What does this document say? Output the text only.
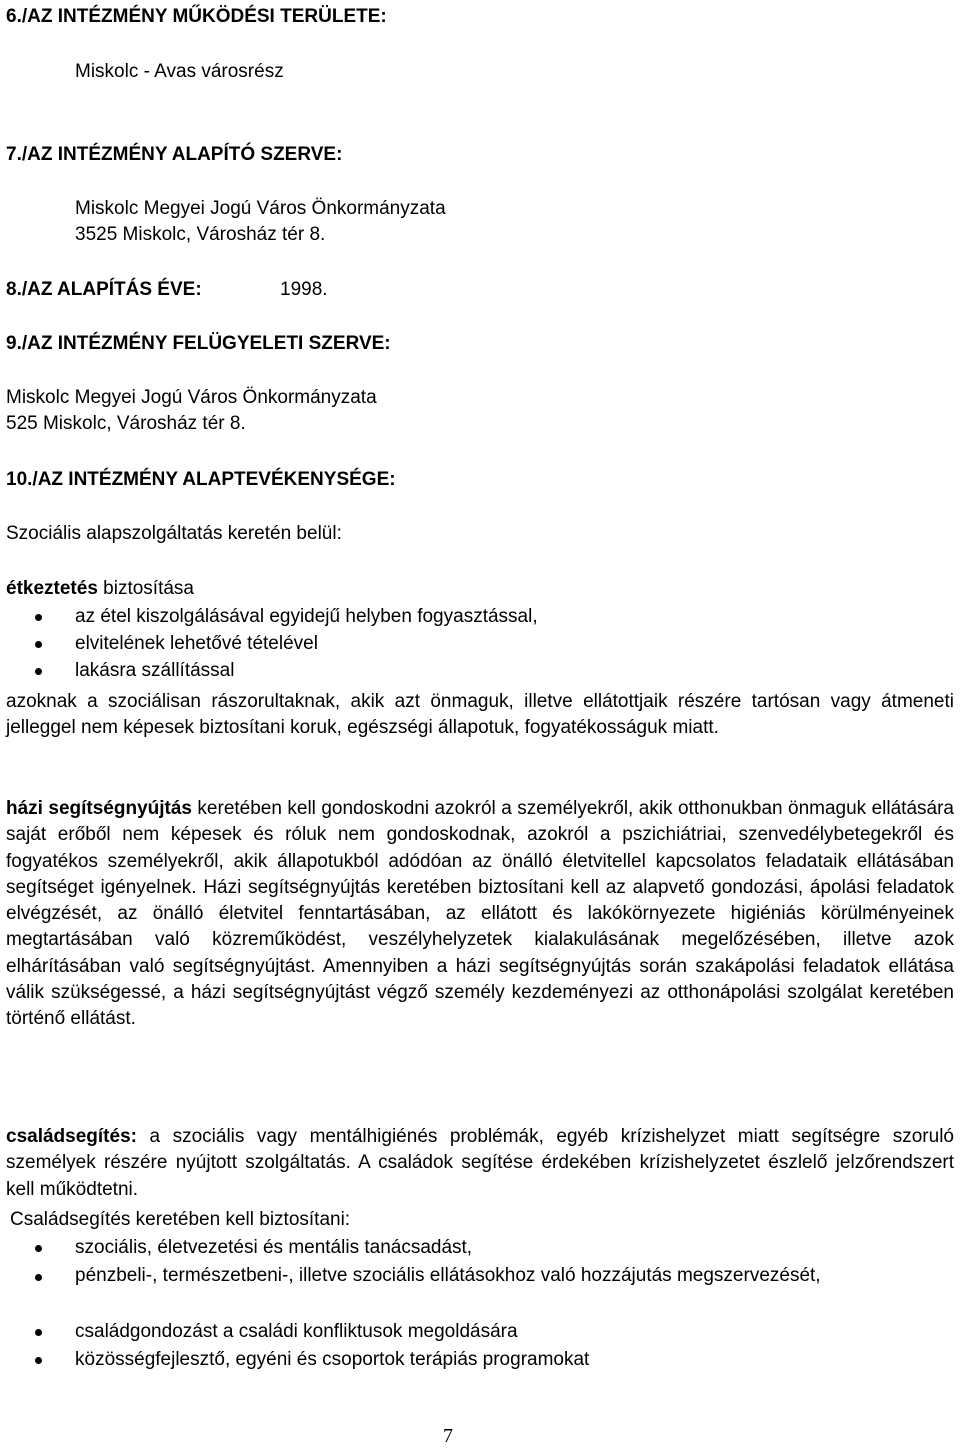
6./AZ INTÉZMÉNY MŰKÖDÉSI TERÜLETE:
Miskolc - Avas városrész
7./AZ INTÉZMÉNY ALAPÍTÓ SZERVE:
Miskolc Megyei Jogú Város Önkormányzata
3525 Miskolc, Városház tér 8.
8./AZ ALAPÍTÁS ÉVE:	1998.
9./AZ INTÉZMÉNY FELÜGYELETI SZERVE:
Miskolc Megyei Jogú Város Önkormányzata
525 Miskolc, Városház tér 8.
10./AZ INTÉZMÉNY ALAPTEVÉKENYSÉGE:
Szociális alapszolgáltatás keretén belül:
étkeztetés biztosítása
az étel kiszolgálásával egyidejű helyben fogyasztással,
elvitelének lehetővé tételével
lakásra szállítással
azoknak a szociálisan rászorultaknak, akik azt önmaguk, illetve ellátottjaik részére tartósan vagy átmeneti jelleggel nem képesek biztosítani koruk, egészségi állapotuk, fogyatékosságuk miatt.
házi segítségnyújtás keretében kell gondoskodni azokról a személyekről, akik otthonukban önmaguk ellátására saját erőből nem képesek és róluk nem gondoskodnak, azokról a pszichiátriai, szenvedélybetegekről és fogyatékos személyekről, akik állapotukból adódóan az önálló életvitellel kapcsolatos feladataik ellátásában segítséget igényelnek. Házi segítségnyújtás keretében biztosítani kell az alapvető gondozási, ápolási feladatok elvégzését, az önálló életvitel fenntartásában, az ellátott és lakókörnyezete higiéniás körülményeinek megtartásában való közreműködést, veszélyhelyzetek kialakulásának megelőzésében, illetve azok elhárításában való segítségnyújtást. Amennyiben a házi segítségnyújtás során szakápolási feladatok ellátása válik szükségessé, a házi segítségnyújtást végző személy kezdeményezi az otthonápolási szolgálat keretében történő ellátást.
családsegítés: a szociális vagy mentálhigiénés problémák, egyéb krízishelyzet miatt segítségre szoruló személyek részére nyújtott szolgáltatás. A családok segítése érdekében krízishelyzetet észlelő jelzőrendszert kell működtetni.
Családsegítés keretében kell biztosítani:
szociális, életvezetési és mentális tanácsadást,
pénzbeli-, természetbeni-, illetve szociális ellátásokhoz való hozzájutás megszervezését,
családgondozást a családi konfliktusok megoldására
közösségfejlesztő, egyéni és csoportok terápiás programokat
7
